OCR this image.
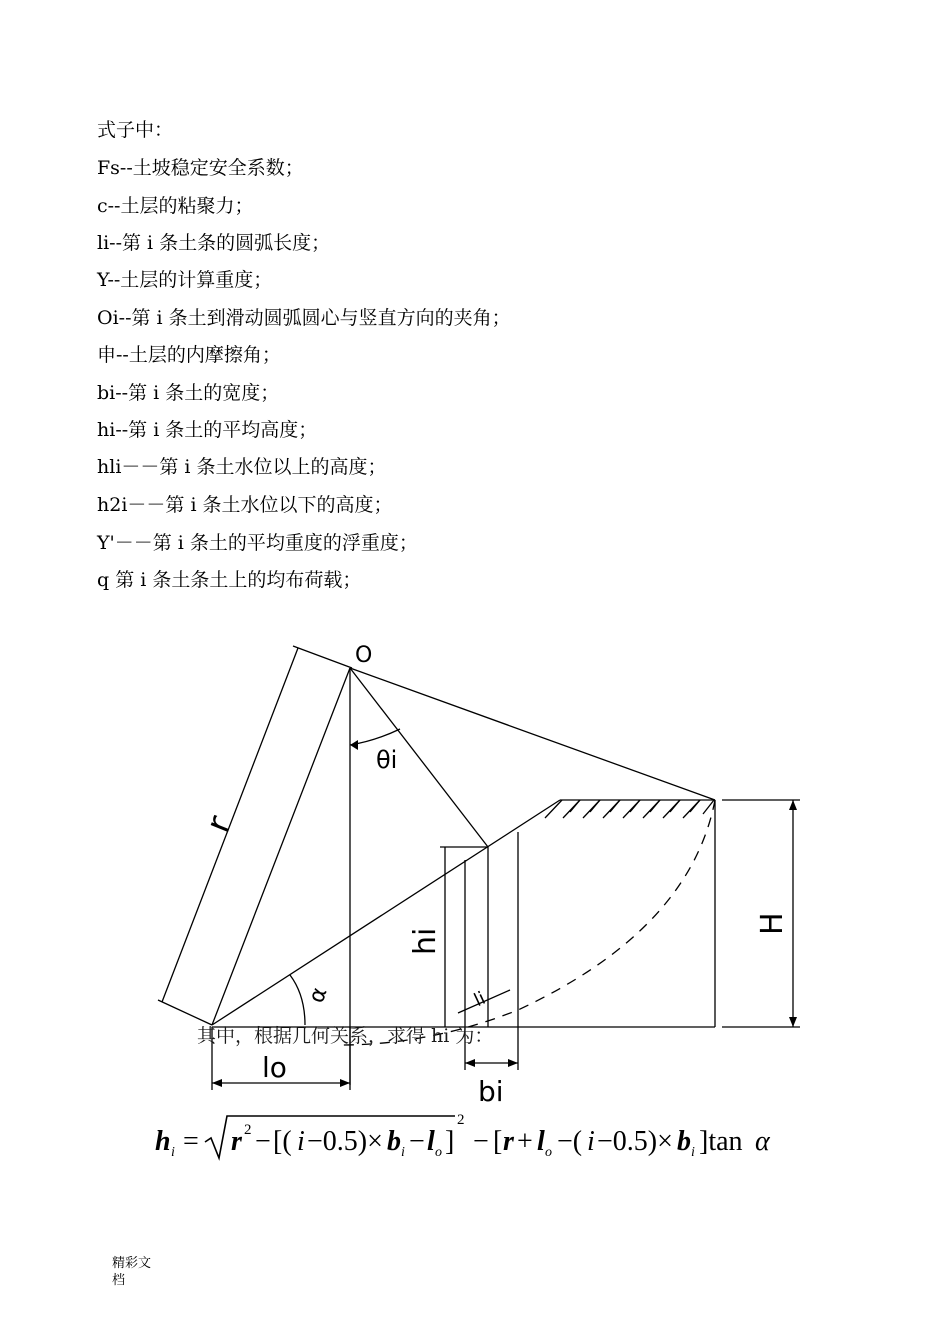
式子中：
Fs--土坡稳定安全系数；
c--土层的粘聚力；
li--第 i 条土条的圆弧长度；
Y--土层的计算重度；
Oi--第 i 条土到滑动圆弧圆心与竖直方向的夹角；
申--土层的内摩擦角；
bi--第 i 条土的宽度；
hi--第 i 条土的平均高度；
hli－－第 i 条土水位以上的高度；
h2i－－第 i 条土水位以下的高度；
Y'－－第 i 条土的平均重度的浮重度；
q 第 i 条土条土上的均布荷载；
O
θi
r
hi
H
α	li
lo
bi
其中，根据几何关系，求得 hi 为：
h i = r 2 − [( i −0.5)× b i − l o ]
2
− [ r + l o −( i −0.5)× b i ]tan α
精彩文档
